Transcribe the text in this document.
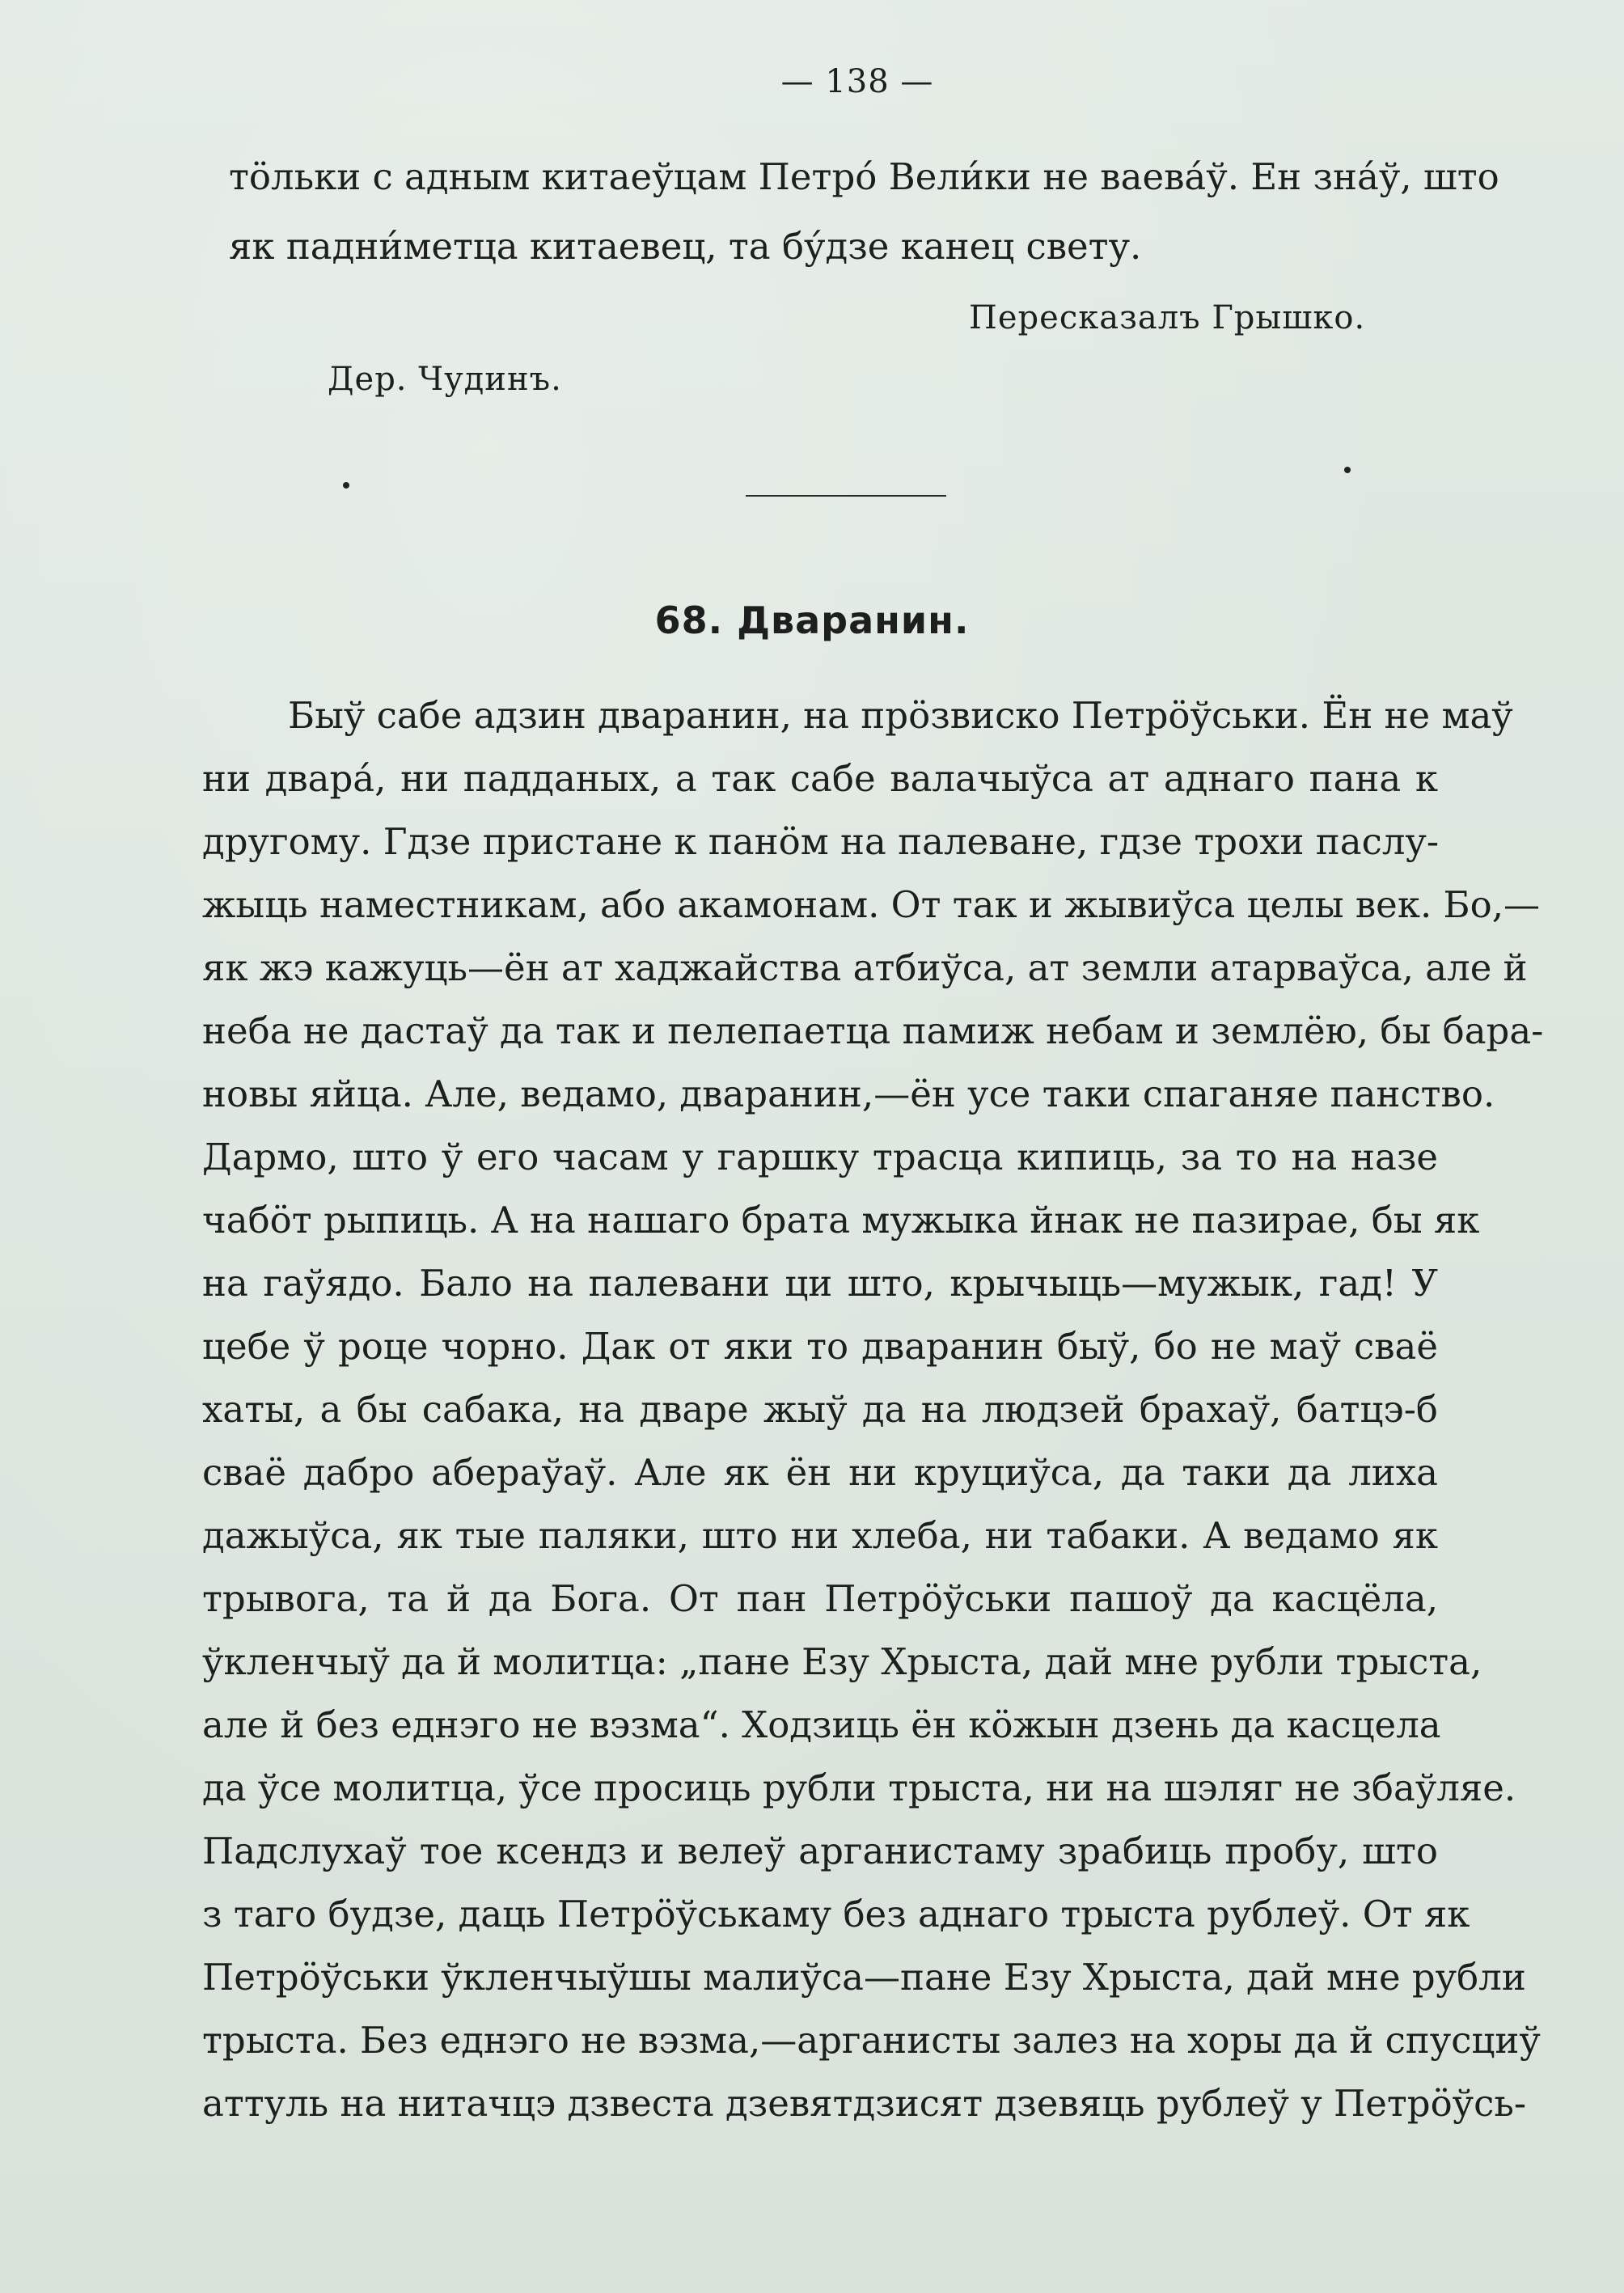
— 138 —
тӧльки с адным китаеўцам Петро́ Вели́ки не ваева́ў. Ен зна́ў, што
як падни́метца китаевец, та бу́дзе канец свету.
Пересказалъ Грышко.
Дер. Чудинъ.
68. Дваранин.
Быў сабе адзин дваранин, на прӧзвиско Петрӧўськи. Ён не маў
ни двара́, ни падданых, а так сабе валачыўса ат аднаго пана к
другому. Гдзе пристане к панӧм на палеване, гдзе трохи паслу-
жыць наместникам, або акамонам. От так и жывиўса целы век. Бо,—
як жэ кажуць—ён ат хаджайства атбиўса, ат земли атарваўса, але й
неба не дастаў да так и пелепаетца памиж небам и землёю, бы бара-
новы яйца. Але, ведамо, дваранин,—ён усе таки спаганяе панство.
Дармо, што ў его часам у гаршку трасца кипиць, за то на назе
чабӧт рыпиць. А на нашаго брата мужыка йнак не пазирае, бы як
на гаўядо. Бало на палевани ци што, крычыць—мужык, гад! У
цебе ў роце чорно. Дак от яки то дваранин быў, бо не маў сваё
хаты, а бы сабака, на дваре жыў да на людзей брахаў, батцэ-б
сваё дабро абераўаў. Але як ён ни круциўса, да таки да лиха
дажыўса, як тые паляки, што ни хлеба, ни табаки. А ведамо як
трывога, та й да Бога. От пан Петрӧўськи пашоў да касцёла,
ўкленчыў да й молитца: „пане Езу Хрыста, дай мне рубли трыста,
але й без еднэго не вэзма“. Ходзиць ён кӧжын дзень да касцела
да ўсе молитца, ўсе просиць рубли трыста, ни на шэляг не збаўляе.
Падслухаў тое ксендз и велеў арганистаму зрабиць пробу, што
з таго будзе, даць Петрӧўськаму без аднаго трыста рублеў. От як
Петрӧўськи ўкленчыўшы малиўса—пане Езу Хрыста, дай мне рубли
трыста. Без еднэго не вэзма,—арганисты залез на хоры да й спусциў
аттуль на нитачцэ дзвеста дзевятдзисят дзевяць рублеў у Петрӧўсь-
